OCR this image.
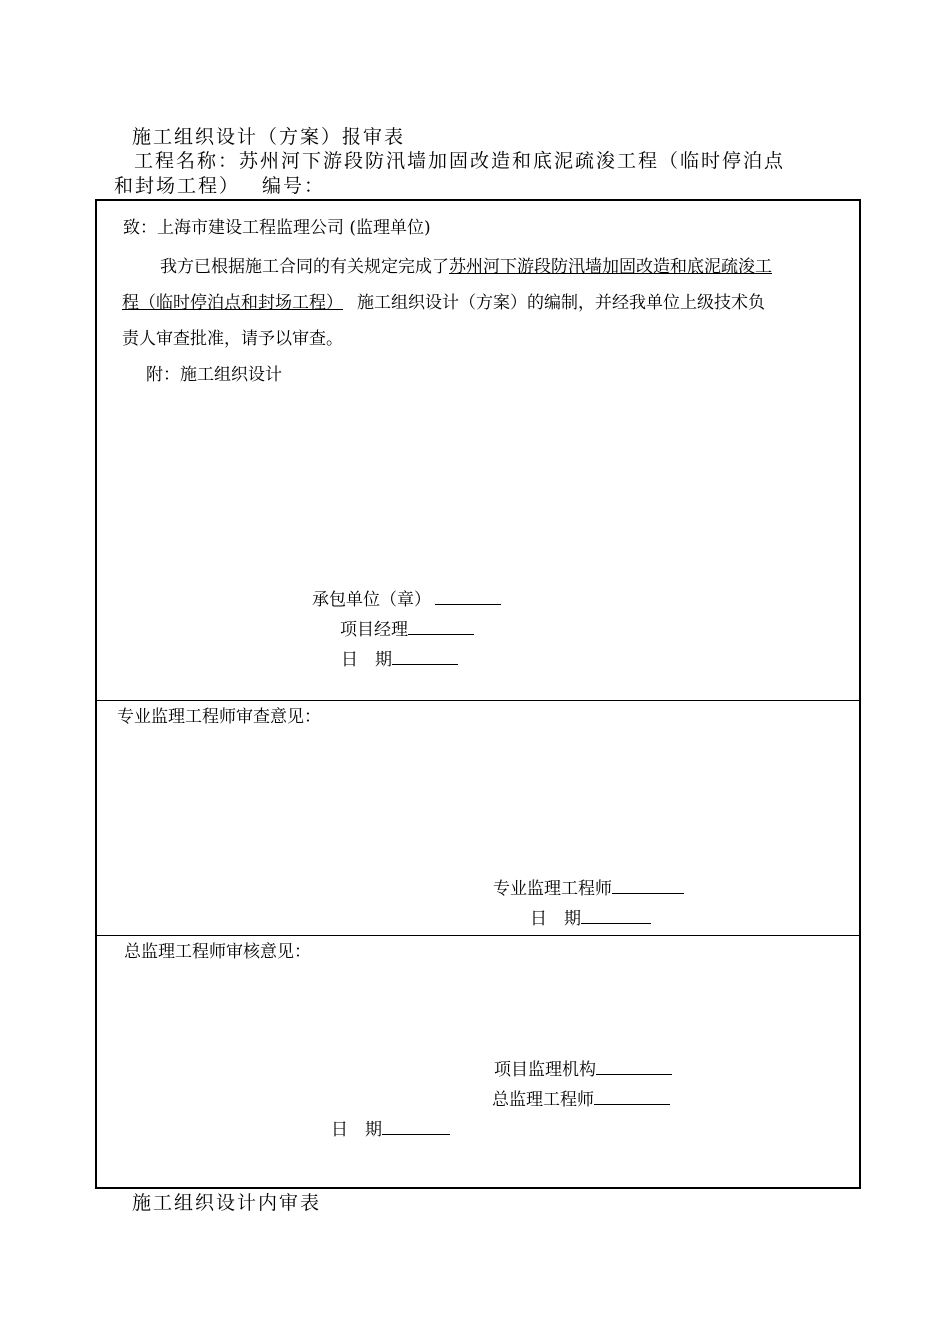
施工组织设计（方案）报审表
工程名称：苏州河下游段防汛墙加固改造和底泥疏浚工程（临时停泊点
和封场工程） 编号：
致：上海市建设工程监理公司 (监理单位)
我方已根据施工合同的有关规定完成了苏州河下游段防汛墙加固改造和底泥疏浚工
程（临时停泊点和封场工程） 施工组织设计（方案）的编制，并经我单位上级技术负
责人审查批准，请予以审查。
附：施工组织设计
承包单位（章）
项目经理
日　期
专业监理工程师审查意见：
专业监理工程师
日　期
总监理工程师审核意见：
项目监理机构
总监理工程师
日　期
施工组织设计内审表
